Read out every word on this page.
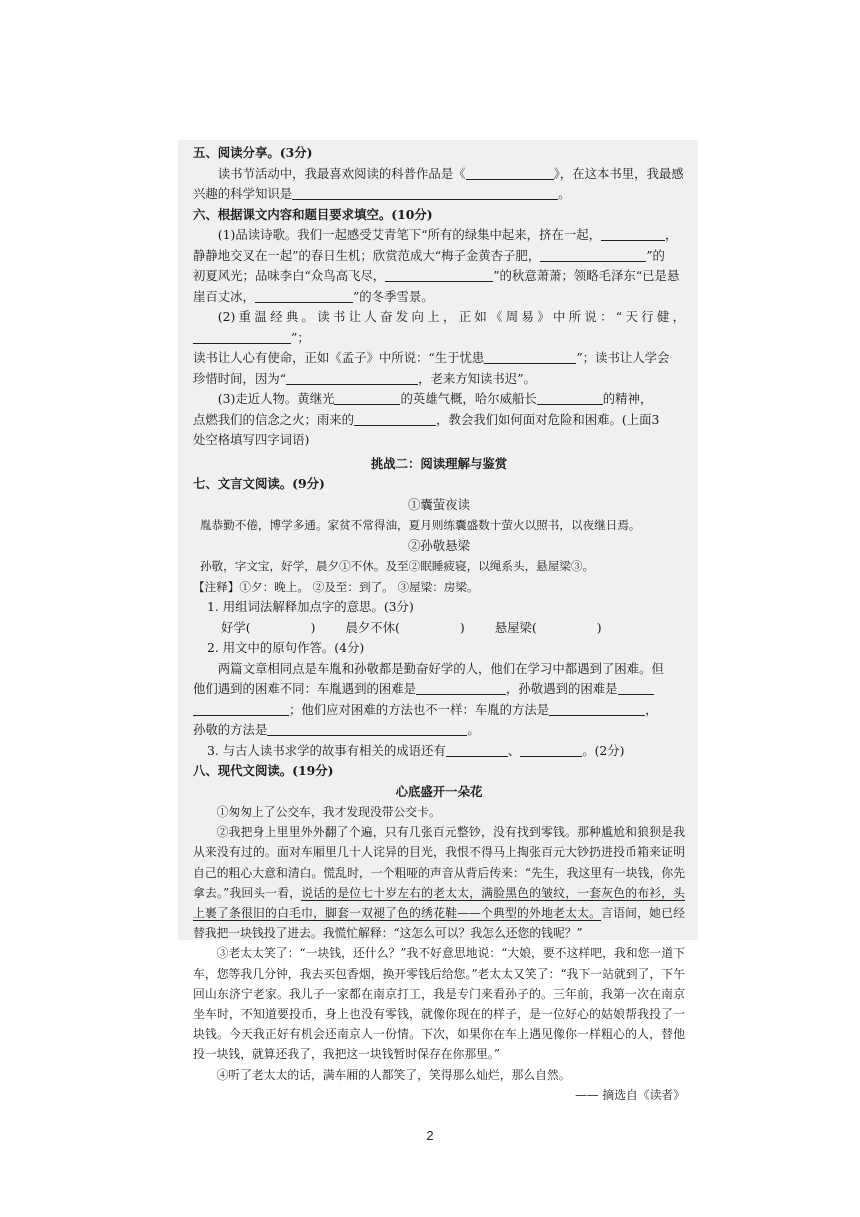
五、阅读分享。(3分)

读书节活动中，我最喜欢阅读的科普作品是《	》，在这本书里，我最感

兴趣的科学知识是	。

六、根据课文内容和题目要求填空。(10分)

(1)品读诗歌。我们一起感受艾青笔下“所有的绿集中起来，挤在一起，	，
静静地交叉在一起”的春日生机；欣赏范成大“梅子金黄杏子肥，	”的
初夏风光；品味李白“众鸟高飞尽，	”的秋意萧萧；领略毛泽东“已是悬
崖百丈冰，	”的冬季雪景。

(2)重温经典。读书让人奋发向上，正如《周易》中所说：“天行健，”；
读书让人心有使命，正如《孟子》中所说：“生于忧患	”；读书让人学会
珍惜时间，因为“	，老来方知读书迟”。

(3)走近人物。黄继光	的英雄气概，哈尔威船长	的精神，
点燃我们的信念之火；雨来的	，教会我们如何面对危险和困难。(上面3
处空格填写四字词语)

挑战二：阅读理解与鉴赏

七、文言文阅读。(9分)

①囊萤夜读

胤恭勤不倦，博学多通。家贫不常得油，夏月则练囊盛数十萤火以照书，以夜继日焉。

②孙敬悬梁

孙敬，字文宝，好学，晨夕①不休。及至②眠睡疲寝，以绳系头，悬屋梁③。

【注释】①夕：晚上。 ②及至：到了。 ③屋梁：房梁。

1. 用组词法解释加点字的意思。(3分)

好学(	) 晨夕不休(	) 悬屋梁(	)

2. 用文中的原句作答。(4分)

两篇文章相同点是车胤和孙敬都是勤奋好学的人，他们在学习中都遇到了困难。但
他们遇到的困难不同：车胤遇到的困难是	，孙敬遇到的困难是
；他们应对困难的方法也不一样：车胤的方法是	，
孙敬的方法是	。

3. 与古人读书求学的故事有相关的成语还有	、	。(2分)

八、现代文阅读。(19分)

心底盛开一朵花

①匆匆上了公交车，我才发现没带公交卡。

②我把身上里里外外翻了个遍，只有几张百元整钞，没有找到零钱。那种尴尬和狼狈是我从来没有过的。面对车厢里几十人诧异的目光，我恨不得马上掏张百元大钞扔进投币箱来证明自己的粗心大意和清白。慌乱时，一个粗哑的声音从背后传来：“先生，我这里有一块钱，你先拿去。”我回头一看，说话的是位七十岁左右的老太太，满脸黑色的皱纹，一套灰色的布衫，头上裹了条很旧的白毛巾，脚套一双褪了色的绣花鞋——个典型的外地老太太。言语间，她已经替我把一块钱投了进去。我慌忙解释：“这怎么可以？我怎么还您的钱呢？”

③老太太笑了：“一块钱，还什么？”我不好意思地说：“大娘，要不这样吧，我和您一道下车，您等我几分钟，我去买包香烟，换开零钱后给您。”老太太又笑了：“我下一站就到了，下午回山东济宁老家。我儿子一家都在南京打工，我是专门来看孙子的。三年前，我第一次在南京坐车时，不知道要投币，身上也没有零钱，就像你现在的样子，是一位好心的姑娘帮我投了一块钱。今天我正好有机会还南京人一份情。下次，如果你在车上遇见像你一样粗心的人，替他投一块钱，就算还我了，我把这一块钱暂时保存在你那里。”

④听了老太太的话，满车厢的人都笑了，笑得那么灿烂，那么自然。

—— 摘选自《读者》

2
